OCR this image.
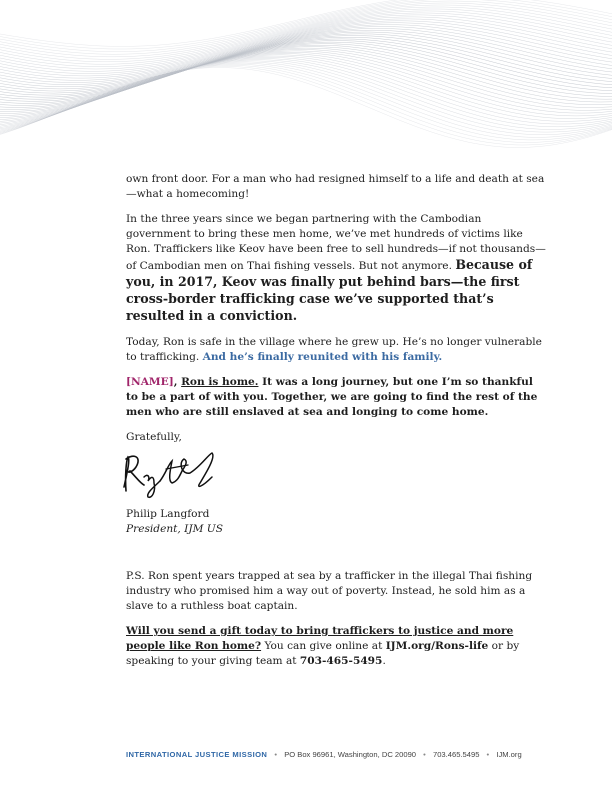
own front door. For a man who had resigned himself to a life and death at sea—what a homecoming!

In the three years since we began partnering with the Cambodian government to bring these men home, we’ve met hundreds of victims like Ron. Traffickers like Keov have been free to sell hundreds—if not thousands—of Cambodian men on Thai fishing vessels. But not anymore. Because of you, in 2017, Keov was finally put behind bars—the first cross-border trafficking case we’ve supported that’s resulted in a conviction.

Today, Ron is safe in the village where he grew up. He’s no longer vulnerable to trafficking. And he’s finally reunited with his family.

[NAME], Ron is home. It was a long journey, but one I’m so thankful to be a part of with you. Together, we are going to find the rest of the men who are still enslaved at sea and longing to come home.

Gratefully,

Philip Langford

President, IJM US

P.S. Ron spent years trapped at sea by a trafficker in the illegal Thai fishing industry who promised him a way out of poverty. Instead, he sold him as a slave to a ruthless boat captain.

Will you send a gift today to bring traffickers to justice and more people like Ron home? You can give online at IJM.org/Rons-life or by speaking to your giving team at 703-465-5495.

INTERNATIONAL JUSTICE MISSION • PO Box 96961, Washington, DC 20090 • 703.465.5495 • IJM.org
